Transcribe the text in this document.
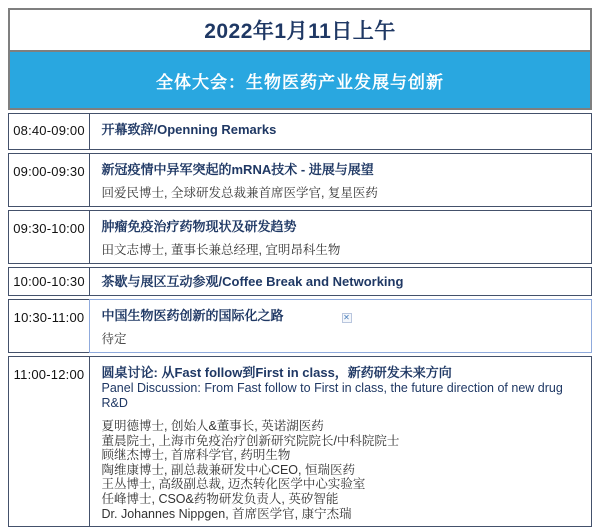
2022年1月11日上午
全体大会：生物医药产业发展与创新
08:40-09:00	开幕致辞/Openning Remarks
09:00-09:30	新冠疫情中异军突起的mRNA技术 - 进展与展望
回爱民博士, 全球研发总裁兼首席医学官, 复星医药
09:30-10:00	肿瘤免疫治疗药物现状及研发趋势
田文志博士, 董事长兼总经理, 宜明昂科生物
10:00-10:30	茶歇与展区互动参观/Coffee Break and Networking
10:30-11:00	中国生物医药创新的国际化之路
待定
✕
11:00-12:00	圆桌讨论: 从Fast follow到First in class，新药研发未来方向
Panel Discussion: From Fast follow to First in class, the future direction of new drug R&D
夏明德博士, 创始人&董事长, 英诺湖医药
董晨院士, 上海市免疫治疗创新研究院院长/中科院院士
顾继杰博士, 首席科学官, 药明生物
陶维康博士, 副总裁兼研发中心CEO, 恒瑞医药
王丛博士, 高级副总裁, 迈杰转化医学中心实验室
任峰博士, CSO&药物研发负责人, 英矽智能
Dr. Johannes Nippgen, 首席医学官, 康宁杰瑞
